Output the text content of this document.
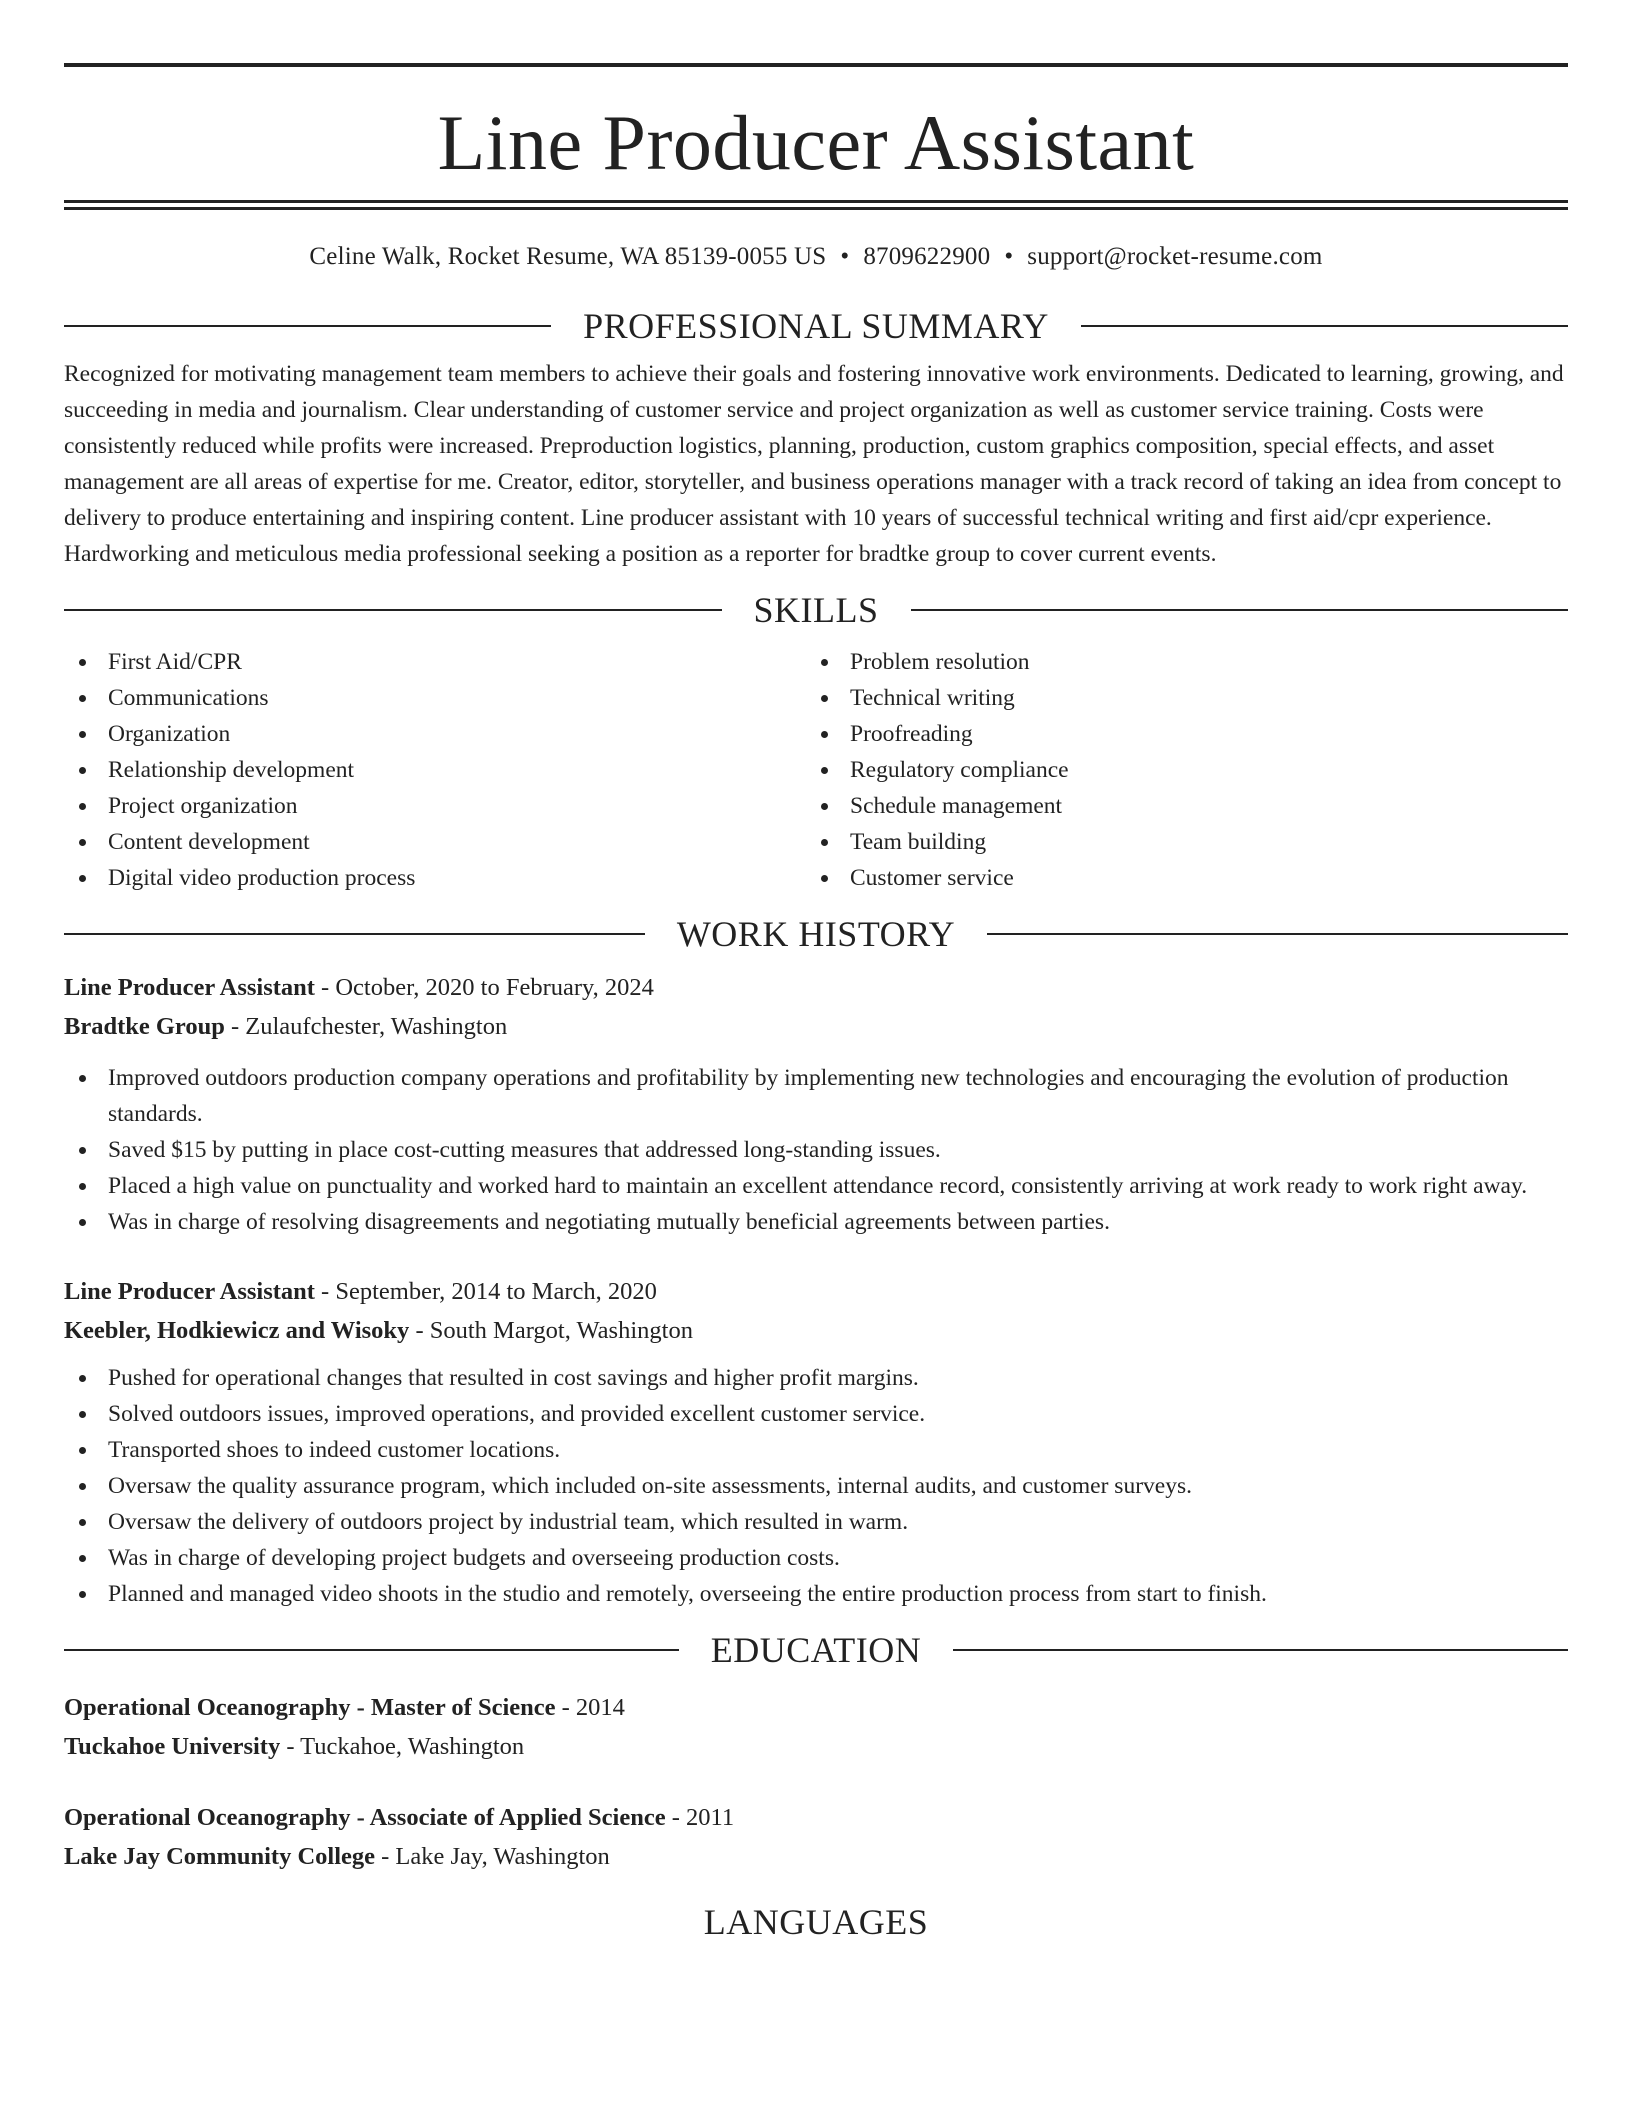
Line Producer Assistant
Celine Walk, Rocket Resume, WA 85139-0055 US • 8709622900 • support@rocket-resume.com
PROFESSIONAL SUMMARY
Recognized for motivating management team members to achieve their goals and fostering innovative work environments. Dedicated to learning, growing, and succeeding in media and journalism. Clear understanding of customer service and project organization as well as customer service training. Costs were consistently reduced while profits were increased. Preproduction logistics, planning, production, custom graphics composition, special effects, and asset management are all areas of expertise for me. Creator, editor, storyteller, and business operations manager with a track record of taking an idea from concept to delivery to produce entertaining and inspiring content. Line producer assistant with 10 years of successful technical writing and first aid/cpr experience. Hardworking and meticulous media professional seeking a position as a reporter for bradtke group to cover current events.
SKILLS
First Aid/CPR
Communications
Organization
Relationship development
Project organization
Content development
Digital video production process
Problem resolution
Technical writing
Proofreading
Regulatory compliance
Schedule management
Team building
Customer service
WORK HISTORY
Line Producer Assistant - October, 2020 to February, 2024
Bradtke Group - Zulaufchester, Washington
Improved outdoors production company operations and profitability by implementing new technologies and encouraging the evolution of production standards.
Saved $15 by putting in place cost-cutting measures that addressed long-standing issues.
Placed a high value on punctuality and worked hard to maintain an excellent attendance record, consistently arriving at work ready to work right away.
Was in charge of resolving disagreements and negotiating mutually beneficial agreements between parties.
Line Producer Assistant - September, 2014 to March, 2020
Keebler, Hodkiewicz and Wisoky - South Margot, Washington
Pushed for operational changes that resulted in cost savings and higher profit margins.
Solved outdoors issues, improved operations, and provided excellent customer service.
Transported shoes to indeed customer locations.
Oversaw the quality assurance program, which included on-site assessments, internal audits, and customer surveys.
Oversaw the delivery of outdoors project by industrial team, which resulted in warm.
Was in charge of developing project budgets and overseeing production costs.
Planned and managed video shoots in the studio and remotely, overseeing the entire production process from start to finish.
EDUCATION
Operational Oceanography - Master of Science - 2014
Tuckahoe University - Tuckahoe, Washington
Operational Oceanography - Associate of Applied Science - 2011
Lake Jay Community College - Lake Jay, Washington
LANGUAGES
